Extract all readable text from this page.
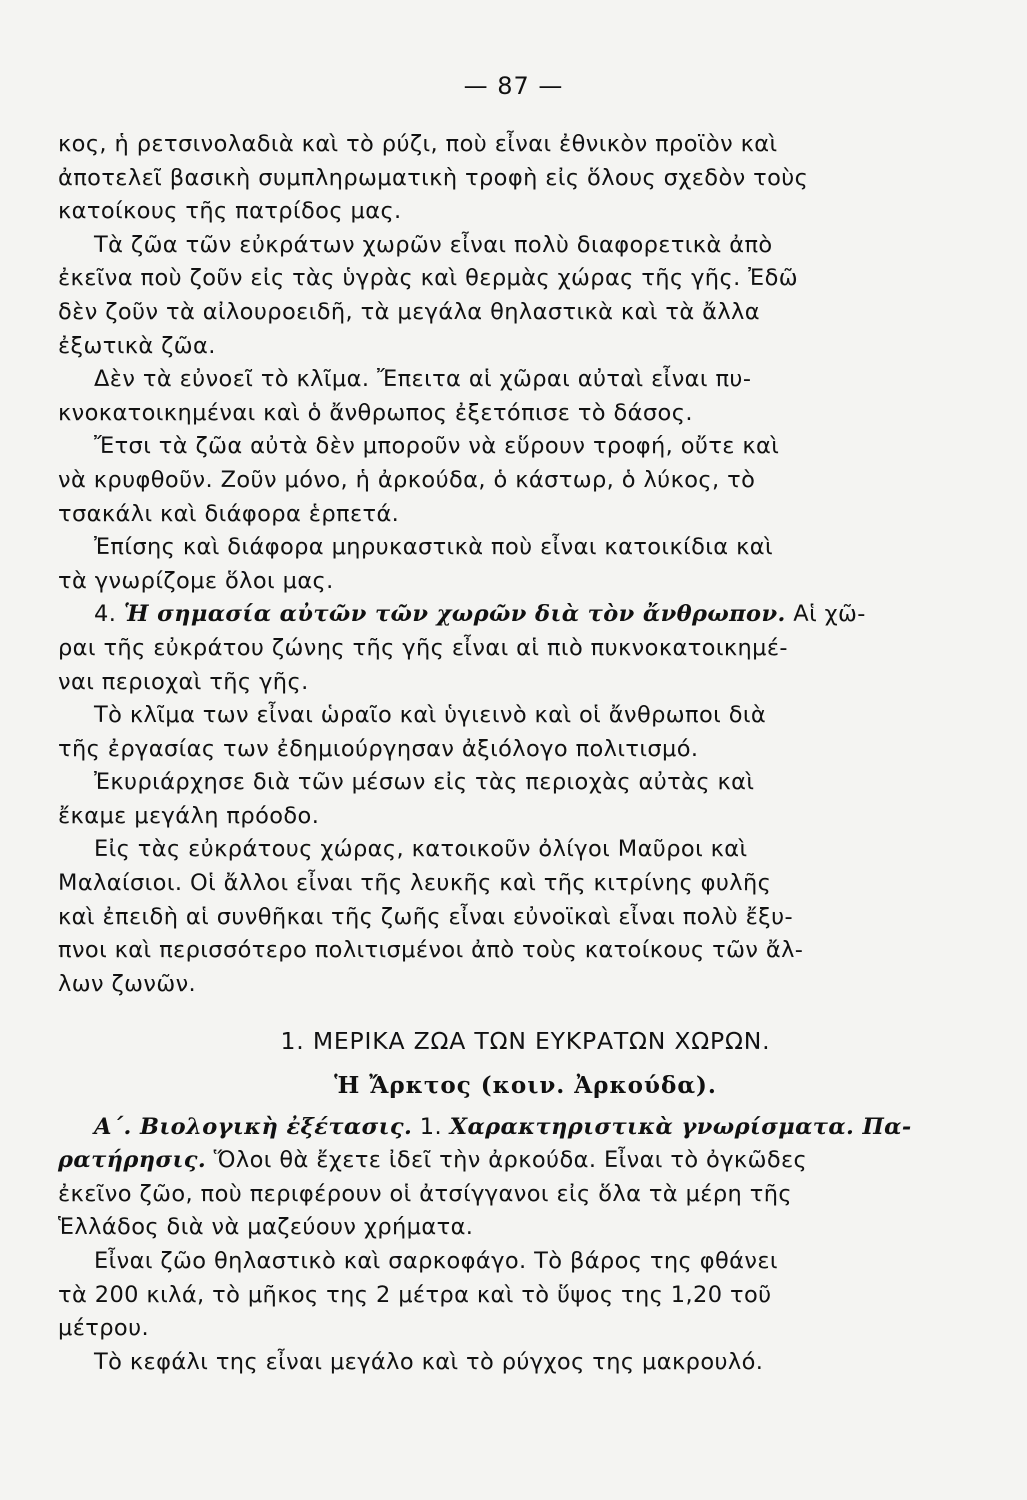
— 87 —

κος, ἡ ρετσινολαδιὰ καὶ τὸ ρύζι, ποὺ εἶναι ἐθνικὸν προϊὸν καὶ

ἀποτελεῖ βασικὴ συμπληρωματικὴ τροφὴ εἰς ὅλους σχεδὸν τοὺς

κατοίκους τῆς πατρίδος μας.

Τὰ ζῶα τῶν εὐκράτων χωρῶν εἶναι πολὺ διαφορετικὰ ἀπὸ

ἐκεῖνα ποὺ ζοῦν εἰς τὰς ὑγρὰς καὶ θερμὰς χώρας τῆς γῆς. Ἐδῶ

δὲν ζοῦν τὰ αἰλουροειδῆ, τὰ μεγάλα θηλαστικὰ καὶ τὰ ἄλλα

ἐξωτικὰ ζῶα.

Δὲν τὰ εὐνοεῖ τὸ κλῖμα. Ἔπειτα αἱ χῶραι αὐταὶ εἶναι πυ-

κνοκατοικημέναι καὶ ὁ ἄνθρωπος ἐξετόπισε τὸ δάσος.

Ἔτσι τὰ ζῶα αὐτὰ δὲν μποροῦν νὰ εὕρουν τροφή, οὔτε καὶ

νὰ κρυφθοῦν. Ζοῦν μόνο, ἡ ἀρκούδα, ὁ κάστωρ, ὁ λύκος, τὸ

τσακάλι καὶ διάφορα ἑρπετά.

Ἐπίσης καὶ διάφορα μηρυκαστικὰ ποὺ εἶναι κατοικίδια καὶ

τὰ γνωρίζομε ὅλοι μας.

4. Ἡ σημασία αὐτῶν τῶν χωρῶν διὰ τὸν ἄνθρωπον. Αἱ χῶ-

ραι τῆς εὐκράτου ζώνης τῆς γῆς εἶναι αἱ πιὸ πυκνοκατοικημέ-

ναι περιοχαὶ τῆς γῆς.

Τὸ κλῖμα των εἶναι ὡραῖο καὶ ὑγιεινὸ καὶ οἱ ἄνθρωποι διὰ

τῆς ἐργασίας των ἐδημιούργησαν ἀξιόλογο πολιτισμό.

Ἐκυριάρχησε διὰ τῶν μέσων εἰς τὰς περιοχὰς αὐτὰς καὶ

ἔκαμε μεγάλη πρόοδο.

Εἰς τὰς εὐκράτους χώρας, κατοικοῦν ὀλίγοι Μαῦροι καὶ

Μαλαίσιοι. Οἱ ἄλλοι εἶναι τῆς λευκῆς καὶ τῆς κιτρίνης φυλῆς

καὶ ἐπειδὴ αἱ συνθῆκαι τῆς ζωῆς εἶναι εὐνοϊκαὶ εἶναι πολὺ ἔξυ-

πνοι καὶ περισσότερο πολιτισμένοι ἀπὸ τοὺς κατοίκους τῶν ἄλ-

λων ζωνῶν.

1. ΜΕΡΙΚΑ ΖΩΑ ΤΩΝ ΕΥΚΡΑΤΩΝ ΧΩΡΩΝ.

Ἡ Ἄρκτος (κοιν. Ἀρκούδα).

Α΄. Βιολογικὴ ἐξέτασις. 1. Χαρακτηριστικὰ γνωρίσματα. Πα-

ρατήρησις. Ὅλοι θὰ ἔχετε ἰδεῖ τὴν ἀρκούδα. Εἶναι τὸ ὀγκῶδες

ἐκεῖνο ζῶο, ποὺ περιφέρουν οἱ ἀτσίγγανοι εἰς ὅλα τὰ μέρη τῆς

Ἑλλάδος διὰ νὰ μαζεύουν χρήματα.

Εἶναι ζῶο θηλαστικὸ καὶ σαρκοφάγο. Τὸ βάρος της φθάνει

τὰ 200 κιλά, τὸ μῆκος της 2 μέτρα καὶ τὸ ὕψος της 1,20 τοῦ

μέτρου.

Τὸ κεφάλι της εἶναι μεγάλο καὶ τὸ ρύγχος της μακρουλό.
